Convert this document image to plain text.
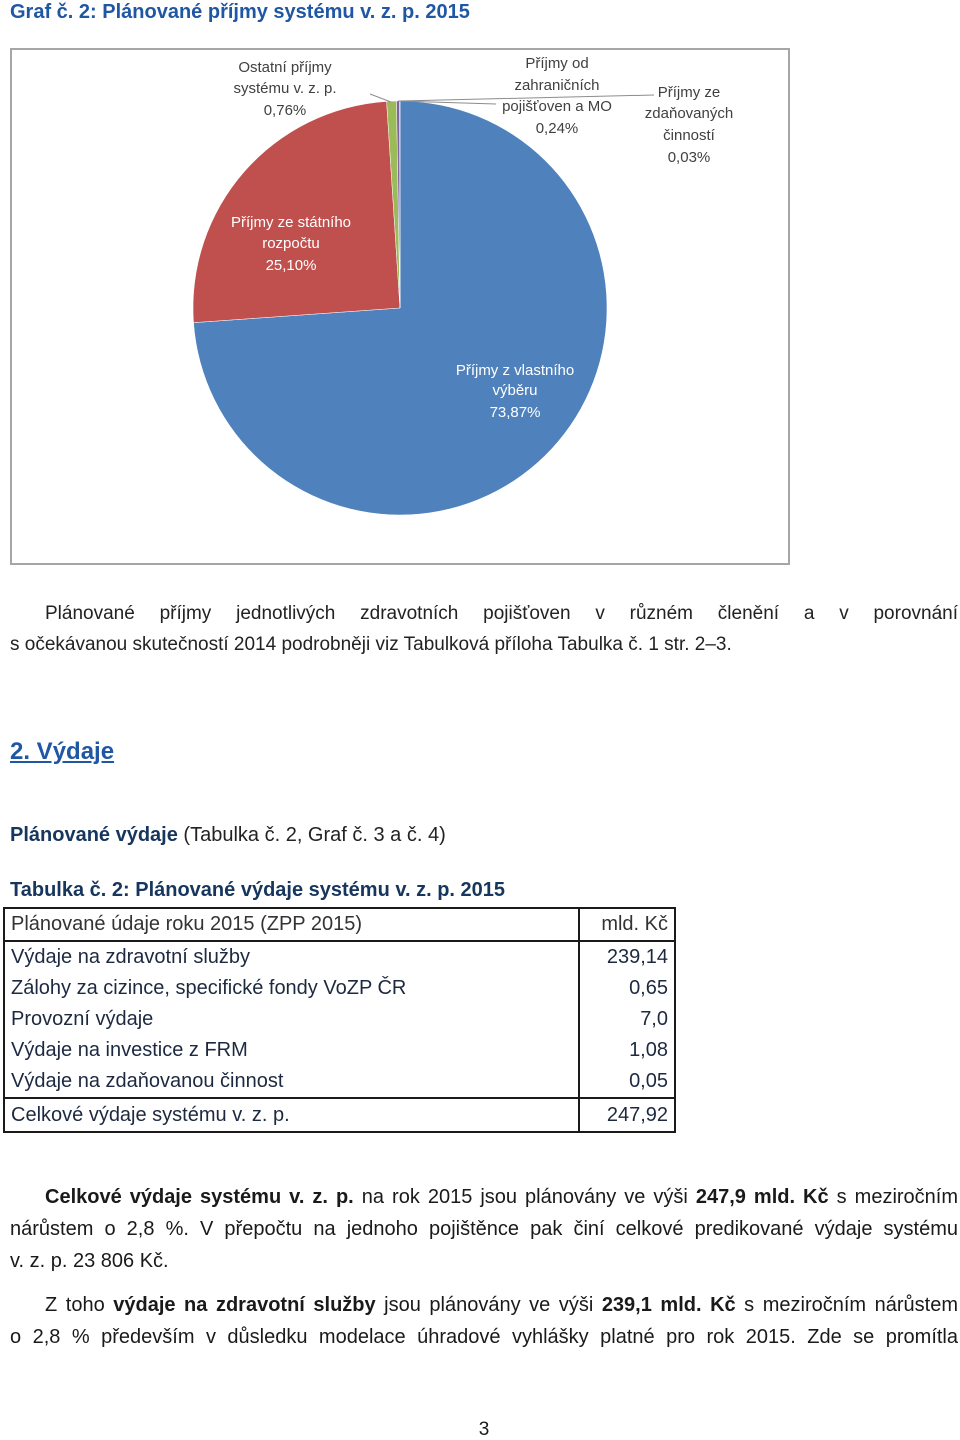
Graf č. 2: Plánované příjmy systému v. z. p. 2015
Příjmy z vlastního
výběru
73,87%
Příjmy ze státního
rozpočtu
25,10%
Ostatní příjmy
systému v. z. p.
0,76%
Příjmy od
zahraničních
pojišťoven a MO
0,24%
Příjmy ze
zdaňovaných
činností
0,03%
Plánované příjmy jednotlivých zdravotních pojišťoven v různém členění a v porovnání
s očekávanou skutečností 2014 podrobněji viz Tabulková příloha Tabulka č. 1 str. 2–3.
2. Výdaje
Plánované výdaje (Tabulka č. 2, Graf č. 3 a č. 4)
Tabulka č. 2: Plánované výdaje systému v. z. p. 2015
Plánované údaje roku 2015 (ZPP 2015)	mld. Kč
Výdaje na zdravotní služby	239,14
Zálohy za cizince, specifické fondy VoZP ČR	0,65
Provozní výdaje	7,0
Výdaje na investice z FRM	1,08
Výdaje na zdaňovanou činnost	0,05
Celkové výdaje systému v. z. p.	247,92
Celkové výdaje systému v. z. p. na rok 2015 jsou plánovány ve výši 247,9 mld. Kč s meziročním
nárůstem o 2,8 %. V přepočtu na jednoho pojištěnce pak činí celkové predikované výdaje systému
v. z. p. 23 806 Kč.
Z toho výdaje na zdravotní služby jsou plánovány ve výši 239,1 mld. Kč s meziročním nárůstem
o 2,8 % především v důsledku modelace úhradové vyhlášky platné pro rok 2015. Zde se promítla
3
